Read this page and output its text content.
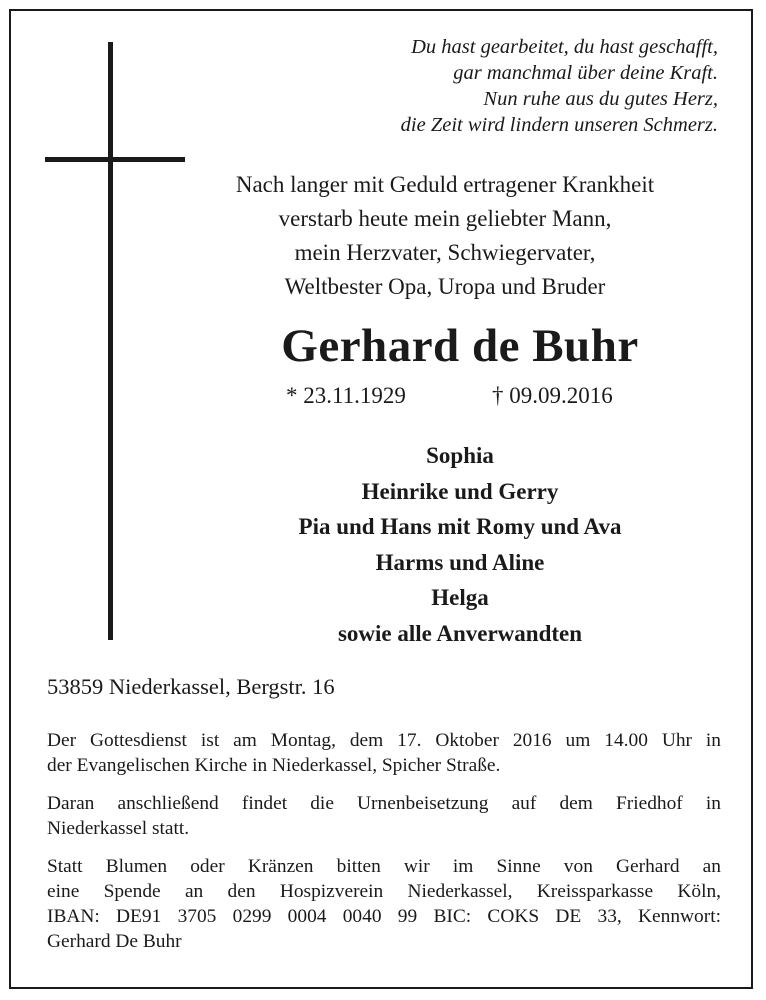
Du hast gearbeitet, du hast geschafft,
gar manchmal über deine Kraft.
Nun ruhe aus du gutes Herz,
die Zeit wird lindern unseren Schmerz.
Nach langer mit Geduld ertragener Krankheit
verstarb heute mein geliebter Mann,
mein Herzvater, Schwiegervater,
Weltbester Opa, Uropa und Bruder
Gerhard de Buhr
* 23.11.1929	† 09.09.2016
Sophia
Heinrike und Gerry
Pia und Hans mit Romy und Ava
Harms und Aline
Helga
sowie alle Anverwandten
53859 Niederkassel, Bergstr. 16
Der Gottesdienst ist am Montag, dem 17. Oktober 2016 um 14.00 Uhr in
der Evangelischen Kirche in Niederkassel, Spicher Straße.
Daran anschließend findet die Urnenbeisetzung auf dem Friedhof in
Niederkassel statt.
Statt Blumen oder Kränzen bitten wir im Sinne von Gerhard an
eine Spende an den Hospizverein Niederkassel, Kreissparkasse Köln,
IBAN: DE91 3705 0299 0004 0040 99 BIC: COKS DE 33, Kennwort:
Gerhard De Buhr
